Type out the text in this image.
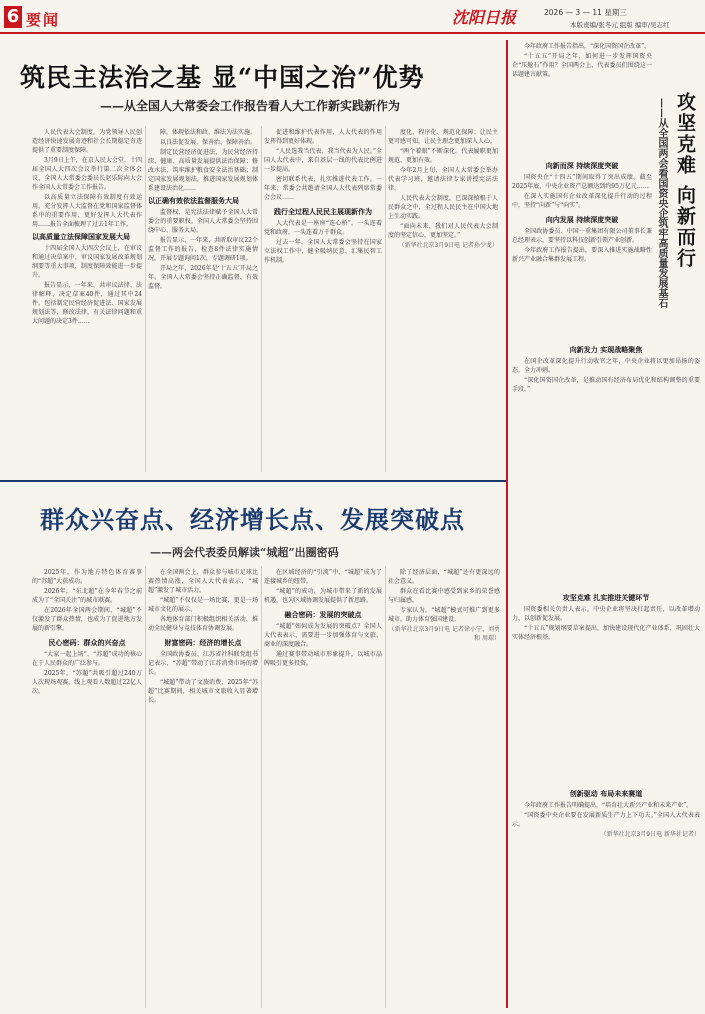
6 要闻	沈阳日报	2026 — 3 — 11 星期三
本版责编/张冬元 组版 编审/吴志红
筑民主法治之基 显“中国之治”优势
——从全国人大常委会工作报告看人大工作新实践新作为

人民代表大会制度，为党领导人民创造经济快速发展奇迹和社会长期稳定奇迹提供了重要制度保障。

3月9日上午，在京人民大会堂，十四届全国人大四次会议举行第二次全体会议，全国人大常委会委员长赵乐际向大会作全国人大常委会工作报告。

以高质量立法保障有效制度有效运用，充分发挥人大监督在党和国家监督体系中的重要作用，更好发挥人大代表作用……报告全面梳理了过去1年工作。

以高质量立法保障国家发展大局

十四届全国人大四次会议上，在审议和通过决草案中，审议国家发展改革规划纲要等重大事项，制度保障效能进一步提升。

报告显示，一年来，共审议法律、法律解释、决定草案40件，通过其中24件。包括制定民营经济促进法、国家发展规划法等，修改法律，有关法律问题和重大问题的决定3件……

障，体现依法和政、维法为法实施。

以良法促发展、保善治、保障善治。

制定民营经济促进法，为民营经济持续、健康、高质量发展提供法治保障；修改水法，筑牢维护粮食安全法治基础；制定国家发展规划法，推进国家发展规划体系建设法治化……

以正确有效依法监督服务大局

监督权，是宪法法律赋予全国人大常委会的重要职权。全国人大常委会坚持围绕中心、服务大局。

报告显示，一年来，共听取审议22个监督工作的报告，检查8件法律实施情况，开展专题询问1次，专题调研1项。

开局之年，2026年是‘十五五’开局之年。全国人大常委会坚持正确监督、有效监督。

促进和维护代表作用，人大代表的作用发挥得到更好体现。

“人民选我当代表，我当代表为人民。”全国人大代表中，来自基层一线的代表比例进一步提高。

密切联系代表，扎实推进代表工作。一年来，常委会共邀请全国人大代表列席常委会会议……

践行全过程人民民主展现新作为

人大代表是一座座“连心桥”。一头连着党和政府，一头连着万千群众。

过去一年，全国人大常委会坚持在国家立法权工作中，健全吸纳民意、汇集民智工作机制。

度化、程序化、规范化保障；让民主更可感可知，让民主理念更加深入人心。

“两个着眼”不断深化。代表履职更加规范、更加有效。

今年2月上旬，全国人大常委会举办代表学习班，邀请法律专家讲授宪法法律。

人民代表大会制度，已深深植根于人民群众之中，全过程人民民主在中国大地上生动实践。

“面向未来，我们对人民代表大会制度的坚定信心，更加坚定。”

（新华社北京3月9日电 记者孙少龙）	攻坚克难 向新而行
——从全国两会看国资央企筑牢高质量发展基石

今年政府工作报告指出，“深化国资国企改革”。

“十五五”开局之年，如何进一步发挥国资央企“压舱石”作用？全国两会上，代表委员们围绕这一话题建言献策。

向新而深 持续深度突破

国资央企“十四五”期间取得了突出成绩。截至2025年底，中央企业资产总额达到约95万亿元……

在深入实施国有企业改革深化提升行动的过程中，坚持“向新”与“向实”。

向内发展 持续深度突破

全国政协委员、中国一重集团有限公司董事长兼总经理表示，要坚持以科技创新引领产业创新。

今年政府工作报告提出，要深入推进实施战略性新兴产业融合集群发展工程。

向新发力 实现战略聚焦

在国企改革深化提升行动收官之年，中央企业将以更加昂扬的姿态，全力冲刺。

“深化国资国企改革，是推动国有经济布局优化和结构调整的重要手段。”

攻坚克难 扎实推进关键环节

国资委相关负责人表示，中央企业将坚决扛起责任，以改革增动力、以创新促发展。

“十五五”规划纲要草案提出，加快建设现代化产业体系，巩固壮大实体经济根基。

创新驱动 布局未来赛道

今年政府工作报告明确提出，“培育壮大新兴产业和未来产业”。

“国资委中央企业要在发展新质生产力上下功夫。”全国人大代表表示。

（新华社北京3月9日电 新华社记者）

群众兴奋点、经济增长点、发展突破点
——两会代表委员解读“城超”出圈密码

2025年，作为地方特色体育赛事的“苏超”大获成功。

2026年，“东北超”在今年春节之前成为了“全国关注”的城市联赛。

在2026年全国两会期间，“城超”不仅激发了群众热情，也成为了促进地方发展的新引擎。

民心密码：群众的兴奋点

“大家一起上场”，“苏超”成功的核心在于人民群众的广泛参与。

2025年，“苏超”共吸引超过240万人次现场观赛，线上观看人数超过22亿人次。

在全国两会上，群众参与城市足球比赛热情高涨，全国人大代表表示，“城超”激发了城市活力。

“城超”不仅仅是一场比赛，更是一场城市文化的展示。

各地体育部门积极组织相关活动，推动全民健身与竞技体育协调发展。

财富密码：经济的增长点

全国政协委员、江苏省社科联党组书记表示，“苏超”带动了江苏消费市场的增长。

“城超”带动了文旅消费，2025年“苏超”比赛期间，相关城市文旅收入显著增长。

在区域经济的“引流”中，“城超”成为了连接城乡的纽带。

“城超”的成功，为城市带来了新的发展机遇，也为区域协调发展提供了新思路。

融合密码：发展的突破点

“城超”如何成为发展的突破点？全国人大代表表示，需要进一步加强体育与文旅、商业的深度融合。

通过赛事带动城市形象提升，以城市品牌吸引更多投资。

除了经济层面，“城超”还有更深远的社会意义。

群众在看比赛中感受到家乡的荣誉感与归属感。

专家认为，“城超”模式可推广到更多城市，助力体育强国建设。

（新华社北京3月9日电 记者徐小宁、刘勇 和 周璟）
